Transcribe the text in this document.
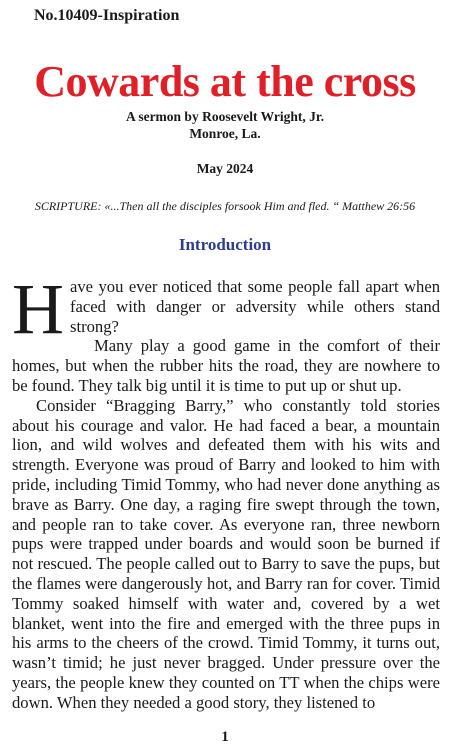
No.10409-Inspiration

Cowards at the cross

A sermon by Roosevelt Wright, Jr.

Monroe, La.

May 2024

SCRIPTURE: «...Then all the disciples forsook Him and fled. “ Matthew 26:56

Introduction

Have you ever noticed that some people fall apart when faced with danger or adversity while others stand strong?

Many play a good game in the comfort of their homes, but when the rubber hits the road, they are nowhere to be found. They talk big until it is time to put up or shut up.

Consider “Bragging Barry,” who constantly told stories about his courage and valor. He had faced a bear, a mountain lion, and wild wolves and defeated them with his wits and strength. Everyone was proud of Barry and looked to him with pride, including Timid Tommy, who had never done anything as brave as Barry. One day, a raging fire swept through the town, and people ran to take cover. As everyone ran, three newborn pups were trapped under boards and would soon be burned if not rescued. The people called out to Barry to save the pups, but the flames were dangerously hot, and Barry ran for cover. Timid Tommy soaked himself with water and, covered by a wet blanket, went into the fire and emerged with the three pups in his arms to the cheers of the crowd. Timid Tommy, it turns out, wasn’t timid; he just never bragged. Under pressure over the years, the people knew they counted on TT when the chips were down. When they needed a good story, they listened to

1
